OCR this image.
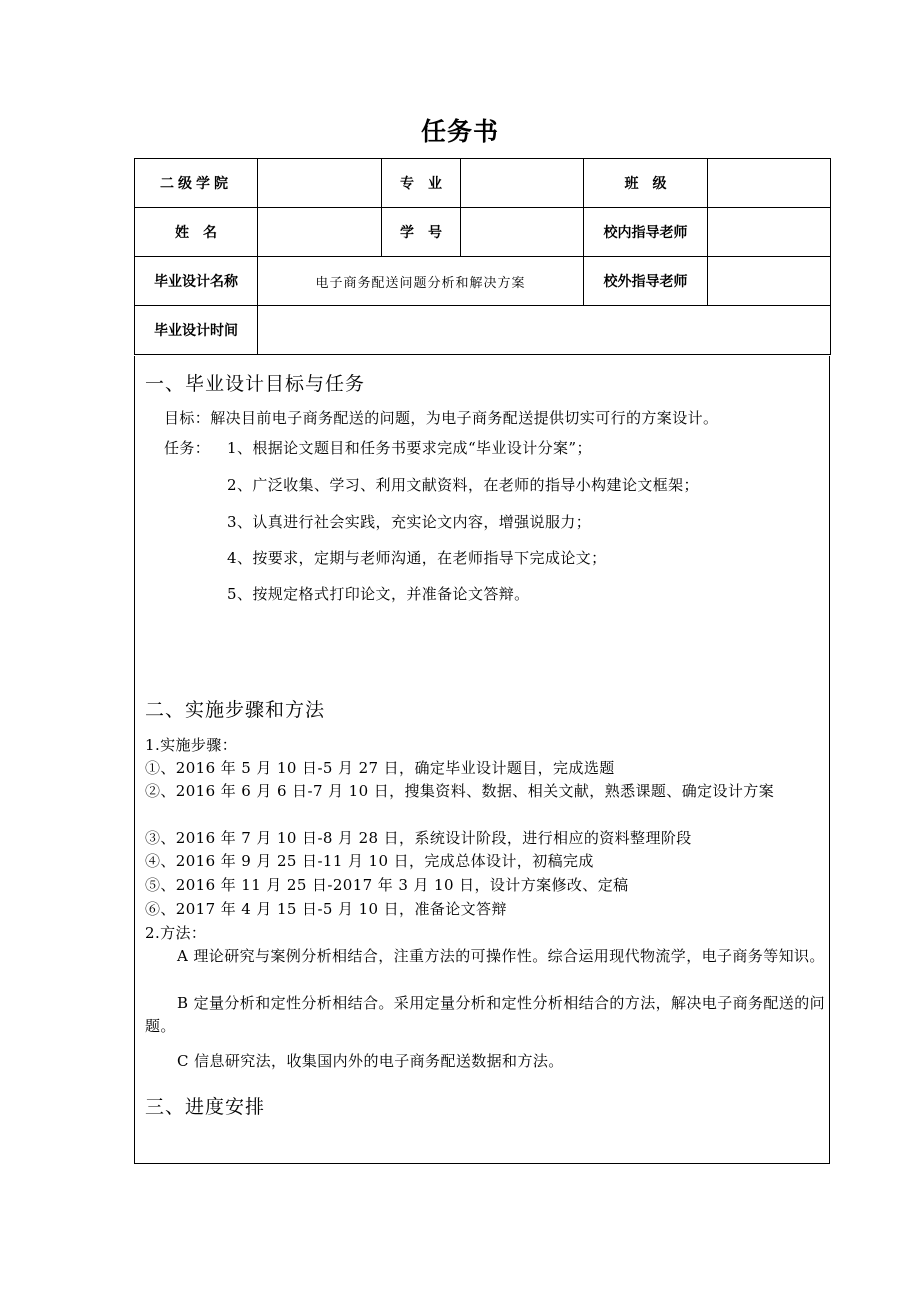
任务书
二级学院		专　业		班　级	
姓　名		学　号		校内指导老师	
毕业设计名称	电子商务配送问题分析和解决方案			校外指导老师	
毕业设计时间					
一、毕业设计目标与任务
目标：解决目前电子商务配送的问题，为电子商务配送提供切实可行的方案设计。
任务： 1、根据论文题目和任务书要求完成“毕业设计分案”；
2、广泛收集、学习、利用文献资料，在老师的指导小构建论文框架；
3、认真进行社会实践，充实论文内容，增强说服力；
4、按要求，定期与老师沟通，在老师指导下完成论文；
5、按规定格式打印论文，并准备论文答辩。
二、实施步骤和方法
1.实施步骤：
①、2016 年 5 月 10 日-5 月 27 日，确定毕业设计题目，完成选题
②、2016 年 6 月 6 日-7 月 10 日，搜集资料、数据、相关文献，熟悉课题、确定设计方案
③、2016 年 7 月 10 日-8 月 28 日，系统设计阶段，进行相应的资料整理阶段
④、2016 年 9 月 25 日-11 月 10 日，完成总体设计，初稿完成
⑤、2016 年 11 月 25 日-2017 年 3 月 10 日，设计方案修改、定稿
⑥、2017 年 4 月 15 日-5 月 10 日，准备论文答辩
2.方法：
A 理论研究与案例分析相结合，注重方法的可操作性。综合运用现代物流学，电子商务等知识。
B 定量分析和定性分析相结合。采用定量分析和定性分析相结合的方法，解决电子商务配送的问题。
C 信息研究法，收集国内外的电子商务配送数据和方法。
三、进度安排
